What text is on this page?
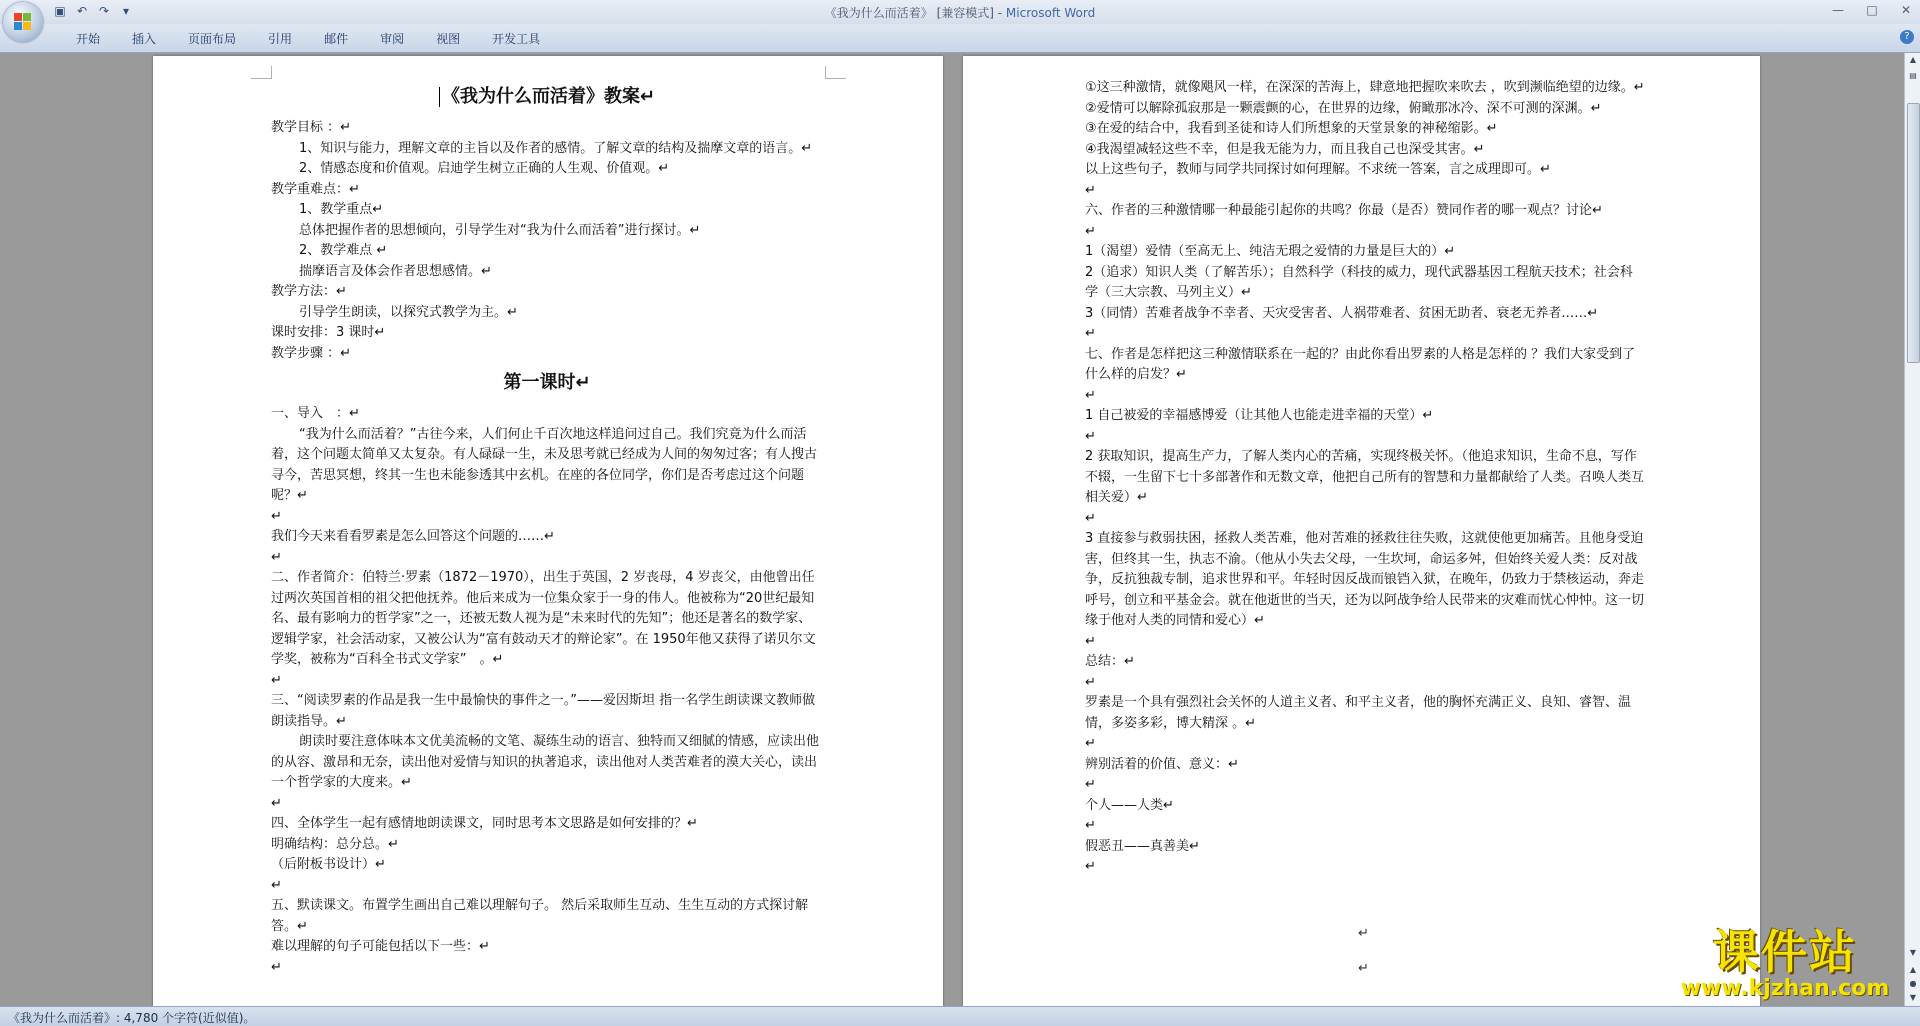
▣ ↶ ↷	▾	《我为什么而活着》 [兼容模式] - Microsoft Word	—	□	✕
开始	插入	页面布局	引用	邮件	审阅	视图	开发工具	?

《我为什么而活着》教案↵

教学目标 ：↵

1、知识与能力，理解文章的主旨以及作者的感情。了解文章的结构及揣摩文章的语言。↵

2、情感态度和价值观。启迪学生树立正确的人生观、价值观。↵

教学重难点：↵

1、教学重点↵

总体把握作者的思想倾向，引导学生对“我为什么而活着”进行探讨。↵

2、教学难点 ↵

揣摩语言及体会作者思想感情。↵

教学方法：↵

引导学生朗读，以探究式教学为主。↵

课时安排：3 课时↵

教学步骤 ：↵

第一课时↵

一、导入　：↵

“我为什么而活着？”古往今来，人们何止千百次地这样追问过自己。我们究竟为什么而活着，这个问题太简单又太复杂。有人碌碌一生，未及思考就已经成为人间的匆匆过客；有人搜古寻今，苦思冥想，终其一生也未能参透其中玄机。在座的各位同学，你们是否考虑过这个问题呢？↵

↵

我们今天来看看罗素是怎么回答这个问题的……↵

↵

二、作者简介：伯特兰·罗素（1872－1970），出生于英国，2 岁丧母，4 岁丧父，由他曾出任过两次英国首相的祖父把他抚养。他后来成为一位集众家于一身的伟人。他被称为“20世纪最知名、最有影响力的哲学家”之一，还被无数人视为是“未来时代的先知”；他还是著名的数学家、逻辑学家，社会活动家，又被公认为“富有鼓动天才的辩论家”。在 1950年他又获得了诺贝尔文学奖，被称为“百科全书式文学家”　。↵

↵

三、“阅读罗素的作品是我一生中最愉快的事件之一。”——爱因斯坦 指一名学生朗读课文教师做朗读指导。↵

朗读时要注意体味本文优美流畅的文笔、凝练生动的语言、独特而又细腻的情感，应读出他的从容、激昂和无奈，读出他对爱情与知识的执著追求，读出他对人类苦难者的漠大关心，读出一个哲学家的大度来。↵

↵

四、全体学生一起有感情地朗读课文，同时思考本文思路是如何安排的？↵

明确结构：总分总。↵

（后附板书设计）↵

↵

五、默读课文。布置学生画出自己难以理解句子。 然后采取师生互动、生生互动的方式探讨解答。↵

难以理解的句子可能包括以下一些：↵

↵

①这三种激情，就像飓风一样，在深深的苦海上，肆意地把握吹来吹去 ，吹到濒临绝望的边缘。↵

②爱情可以解除孤寂那是一颗震颤的心，在世界的边缘，俯瞰那冰冷、深不可测的深渊。↵

③在爱的结合中，我看到圣徒和诗人们所想象的天堂景象的神秘缩影。↵

④我渴望减轻这些不幸，但是我无能为力，而且我自己也深受其害。↵

以上这些句子，教师与同学共同探讨如何理解。不求统一答案，言之成理即可。↵

↵

六、作者的三种激情哪一种最能引起你的共鸣？你最（是否）赞同作者的哪一观点？讨论↵

↵

1（渴望）爱情（至高无上、纯洁无瑕之爱情的力量是巨大的）↵

2（追求）知识人类（了解苦乐）；自然科学（科技的威力，现代武器基因工程航天技术；社会科学（三大宗教、马列主义）↵

3（同情）苦难者战争不幸者、天灾受害者、人祸带难者、贫困无助者、衰老无养者……↵

↵

七、作者是怎样把这三种激情联系在一起的？由此你看出罗素的人格是怎样的 ？我们大家受到了什么样的启发？↵

↵

1 自己被爱的幸福感博爱（让其他人也能走进幸福的天堂）↵

↵

2 获取知识，提高生产力，了解人类内心的苦痛，实现终极关怀。（他追求知识，生命不息，写作不辍，一生留下七十多部著作和无数文章，他把自己所有的智慧和力量都献给了人类。召唤人类互相关爱）↵

↵

3 直接参与救弱扶困，拯救人类苦难，他对苦难的拯救往往失败，这就使他更加痛苦。且他身受迫害，但终其一生，执志不渝。（他从小失去父母，一生坎坷，命运多舛，但始终关爱人类：反对战争，反抗独裁专制，追求世界和平。年轻时因反战而锒铛入狱，在晚年，仍致力于禁核运动，奔走呼号，创立和平基金会。就在他逝世的当天，还为以阿战争给人民带来的灾难而忧心忡忡。这一切缘于他对人类的同情和爱心）↵

↵

总结：↵

↵

罗素是一个具有强烈社会关怀的人道主义者、和平主义者，他的胸怀充满正义、良知、睿智、温情，多姿多彩，博大精深 。↵

↵

辨别活着的价值、意义：↵

↵

个人——人类↵

↵

假恶丑——真善美↵

↵

↵
↵
▲
▤
▼
▲
●
▼
《我为什么而活着》: 4,780 个字符(近似值)。
课件站
www.kjzhan.com
